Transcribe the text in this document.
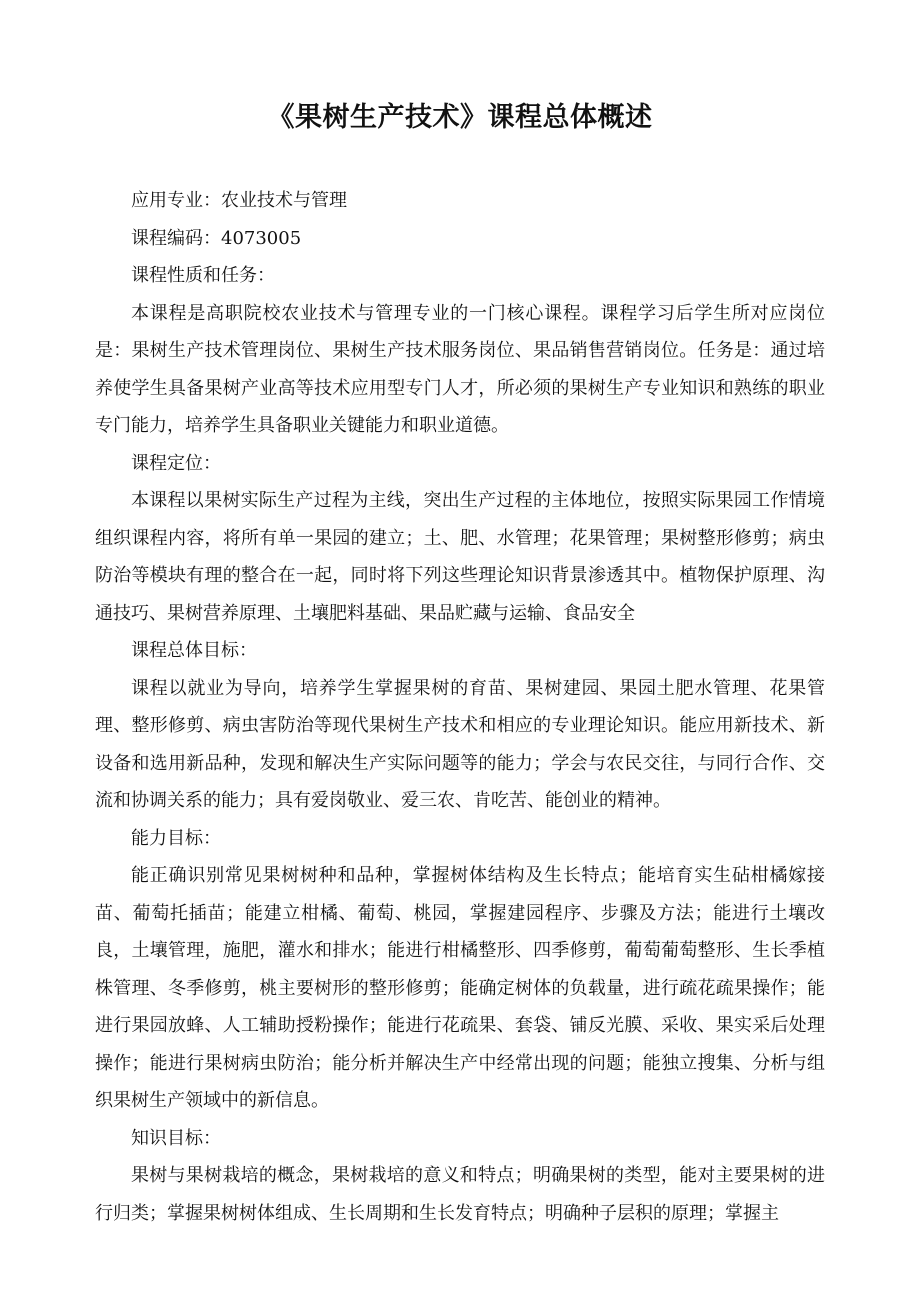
《果树生产技术》课程总体概述

应用专业：农业技术与管理

课程编码：4073005

课程性质和任务：

本课程是高职院校农业技术与管理专业的一门核心课程。课程学习后学生所对应岗位是：果树生产技术管理岗位、果树生产技术服务岗位、果品销售营销岗位。任务是：通过培养使学生具备果树产业高等技术应用型专门人才，所必须的果树生产专业知识和熟练的职业专门能力，培养学生具备职业关键能力和职业道德。

课程定位：

本课程以果树实际生产过程为主线，突出生产过程的主体地位，按照实际果园工作情境组织课程内容，将所有单一果园的建立；土、肥、水管理；花果管理；果树整形修剪；病虫防治等模块有理的整合在一起，同时将下列这些理论知识背景渗透其中。植物保护原理、沟通技巧、果树营养原理、土壤肥料基础、果品贮藏与运输、食品安全

课程总体目标：

课程以就业为导向，培养学生掌握果树的育苗、果树建园、果园土肥水管理、花果管理、整形修剪、病虫害防治等现代果树生产技术和相应的专业理论知识。能应用新技术、新设备和选用新品种，发现和解决生产实际问题等的能力；学会与农民交往，与同行合作、交流和协调关系的能力；具有爱岗敬业、爱三农、肯吃苦、能创业的精神。

能力目标：

能正确识别常见果树树种和品种，掌握树体结构及生长特点；能培育实生砧柑橘嫁接苗、葡萄托插苗；能建立柑橘、葡萄、桃园，掌握建园程序、步骤及方法；能进行土壤改良，土壤管理，施肥，灌水和排水；能进行柑橘整形、四季修剪，葡萄葡萄整形、生长季植株管理、冬季修剪，桃主要树形的整形修剪；能确定树体的负载量，进行疏花疏果操作；能进行果园放蜂、人工辅助授粉操作；能进行花疏果、套袋、铺反光膜、采收、果实采后处理操作；能进行果树病虫防治；能分析并解决生产中经常出现的问题；能独立搜集、分析与组织果树生产领域中的新信息。

知识目标：

果树与果树栽培的概念，果树栽培的意义和特点；明确果树的类型，能对主要果树的进行归类；掌握果树树体组成、生长周期和生长发育特点；明确种子层积的原理；掌握主
